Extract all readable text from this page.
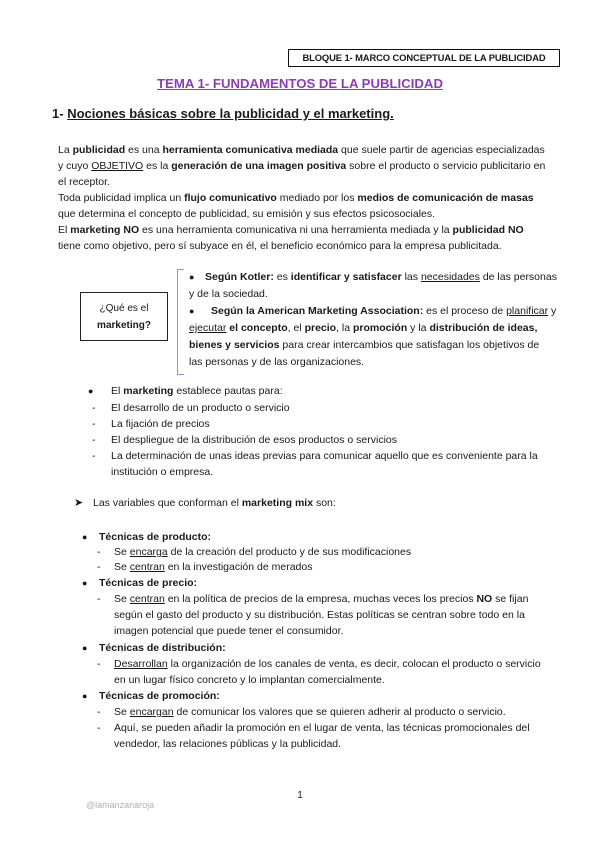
BLOQUE 1- MARCO CONCEPTUAL DE LA PUBLICIDAD
TEMA 1- FUNDAMENTOS DE LA PUBLICIDAD
1- Nociones básicas sobre la publicidad y el marketing.
La publicidad es una herramienta comunicativa mediada que suele partir de agencias especializadas
y cuyo OBJETIVO es la generación de una imagen positiva sobre el producto o servicio publicitario en
el receptor.
Toda publicidad implica un flujo comunicativo mediado por los medios de comunicación de masas
que determina el concepto de publicidad, su emisión y sus efectos psicosociales.
El marketing NO es una herramienta comunicativa ni una herramienta mediada y la publicidad NO
tiene como objetivo, pero sí subyace en él, el beneficio económico para la empresa publicitada.
¿Qué es el
marketing?
● Según Kotler: es identificar y satisfacer las necesidades de las personas
y de la sociedad.
● Según la American Marketing Association: es el proceso de planificar y
ejecutar el concepto, el precio, la promoción y la distribución de ideas,
bienes y servicios para crear intercambios que satisfagan los objetivos de
las personas y de las organizaciones.
● El marketing establece pautas para:
- El desarrollo de un producto o servicio
- La fijación de precios
- El despliegue de la distribución de esos productos o servicios
- La determinación de unas ideas previas para comunicar aquello que es conveniente para la
institución o empresa.
➤ Las variables que conforman el marketing mix son:
● Técnicas de producto:
- Se encarga de la creación del producto y de sus modificaciones
- Se centran en la investigación de merados
● Técnicas de precio:
- Se centran en la política de precios de la empresa, muchas veces los precios NO se fijan
según el gasto del producto y su distribución. Estas políticas se centran sobre todo en la
imagen potencial que puede tener el consumidor.
● Técnicas de distribución:
- Desarrollan la organización de los canales de venta, es decir, colocan el producto o servicio
en un lugar físico concreto y lo implantan comercialmente.
● Técnicas de promoción:
- Se encargan de comunicar los valores que se quieren adherir al producto o servicio.
- Aquí, se pueden añadir la promoción en el lugar de venta, las técnicas promocionales del
vendedor, las relaciones públicas y la publicidad.
1
@lamanzanaroja
